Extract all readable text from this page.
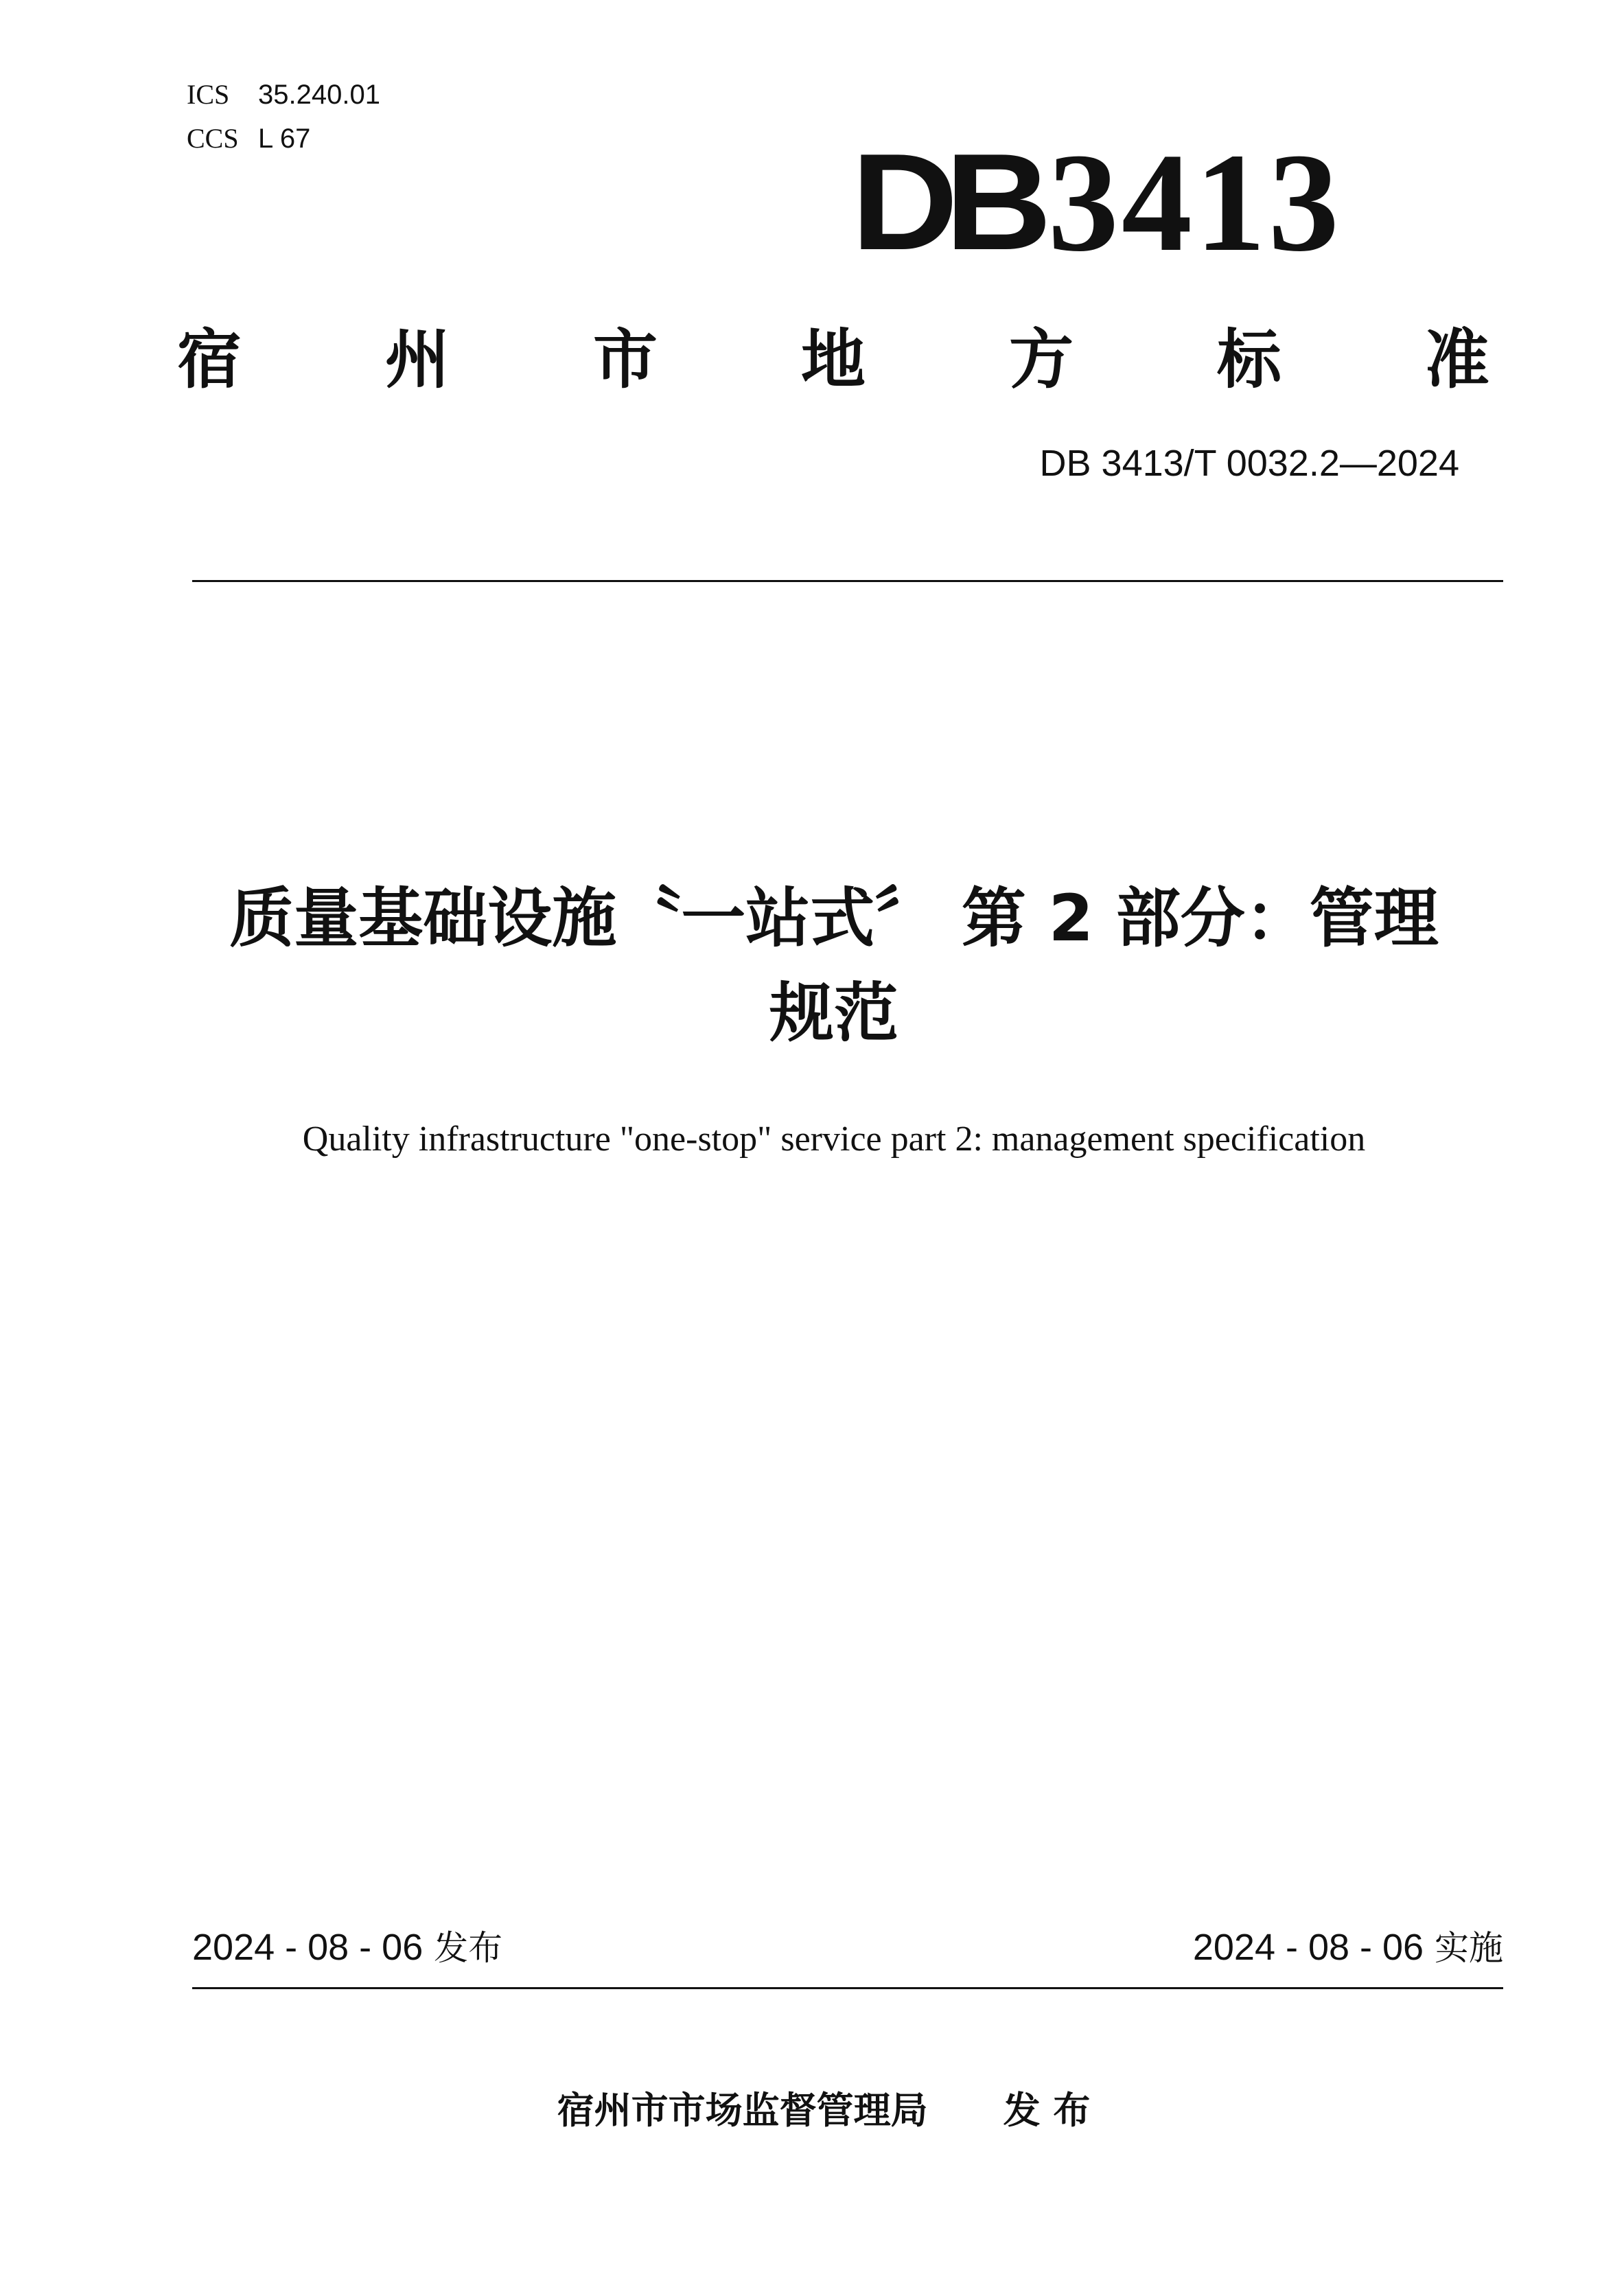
ICS	35.240.01
CCS L 67	DB 3413
宿 州 市 地 方 标 准
DB 3413/T 0032.2—2024
质量基础设施〝一站式〞 第 2 部分：管理
规范
Quality infrastructure "one-stop" service part 2: management specification
2024 - 08 - 06 发布	2024 - 08 - 06 实施
宿州市市场监督管理局 发 布
